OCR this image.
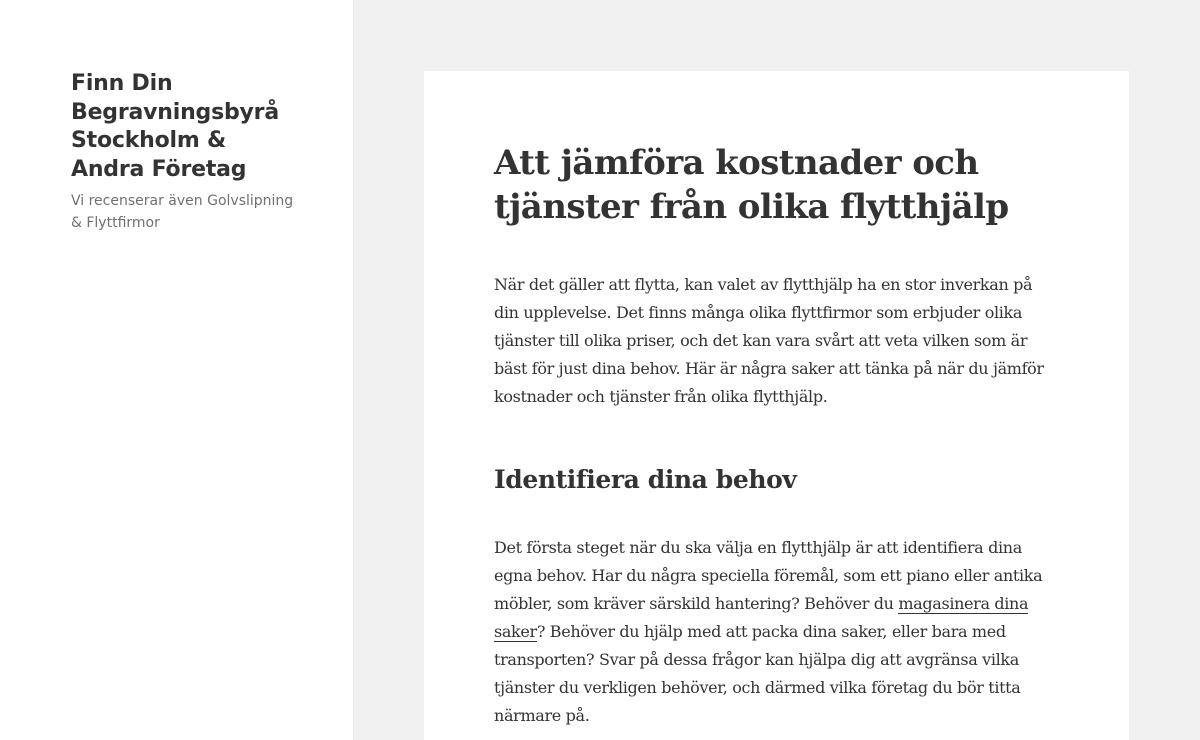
Finn Din Begravningsbyrå Stockholm & Andra Företag

Vi recenserar även Golvslipning & Flyttfirmor

Att jämföra kostnader och tjänster från olika flytthjälp

När det gäller att flytta, kan valet av flytthjälp ha en stor inverkan på din upplevelse. Det finns många olika flyttfirmor som erbjuder olika tjänster till olika priser, och det kan vara svårt att veta vilken som är bäst för just dina behov. Här är några saker att tänka på när du jämför kostnader och tjänster från olika flytthjälp.

Identifiera dina behov

Det första steget när du ska välja en flytthjälp är att identifiera dina egna behov. Har du några speciella föremål, som ett piano eller antika möbler, som kräver särskild hantering? Behöver du magasinera dina saker? Behöver du hjälp med att packa dina saker, eller bara med transporten? Svar på dessa frågor kan hjälpa dig att avgränsa vilka tjänster du verkligen behöver, och därmed vilka företag du bör titta närmare på.
